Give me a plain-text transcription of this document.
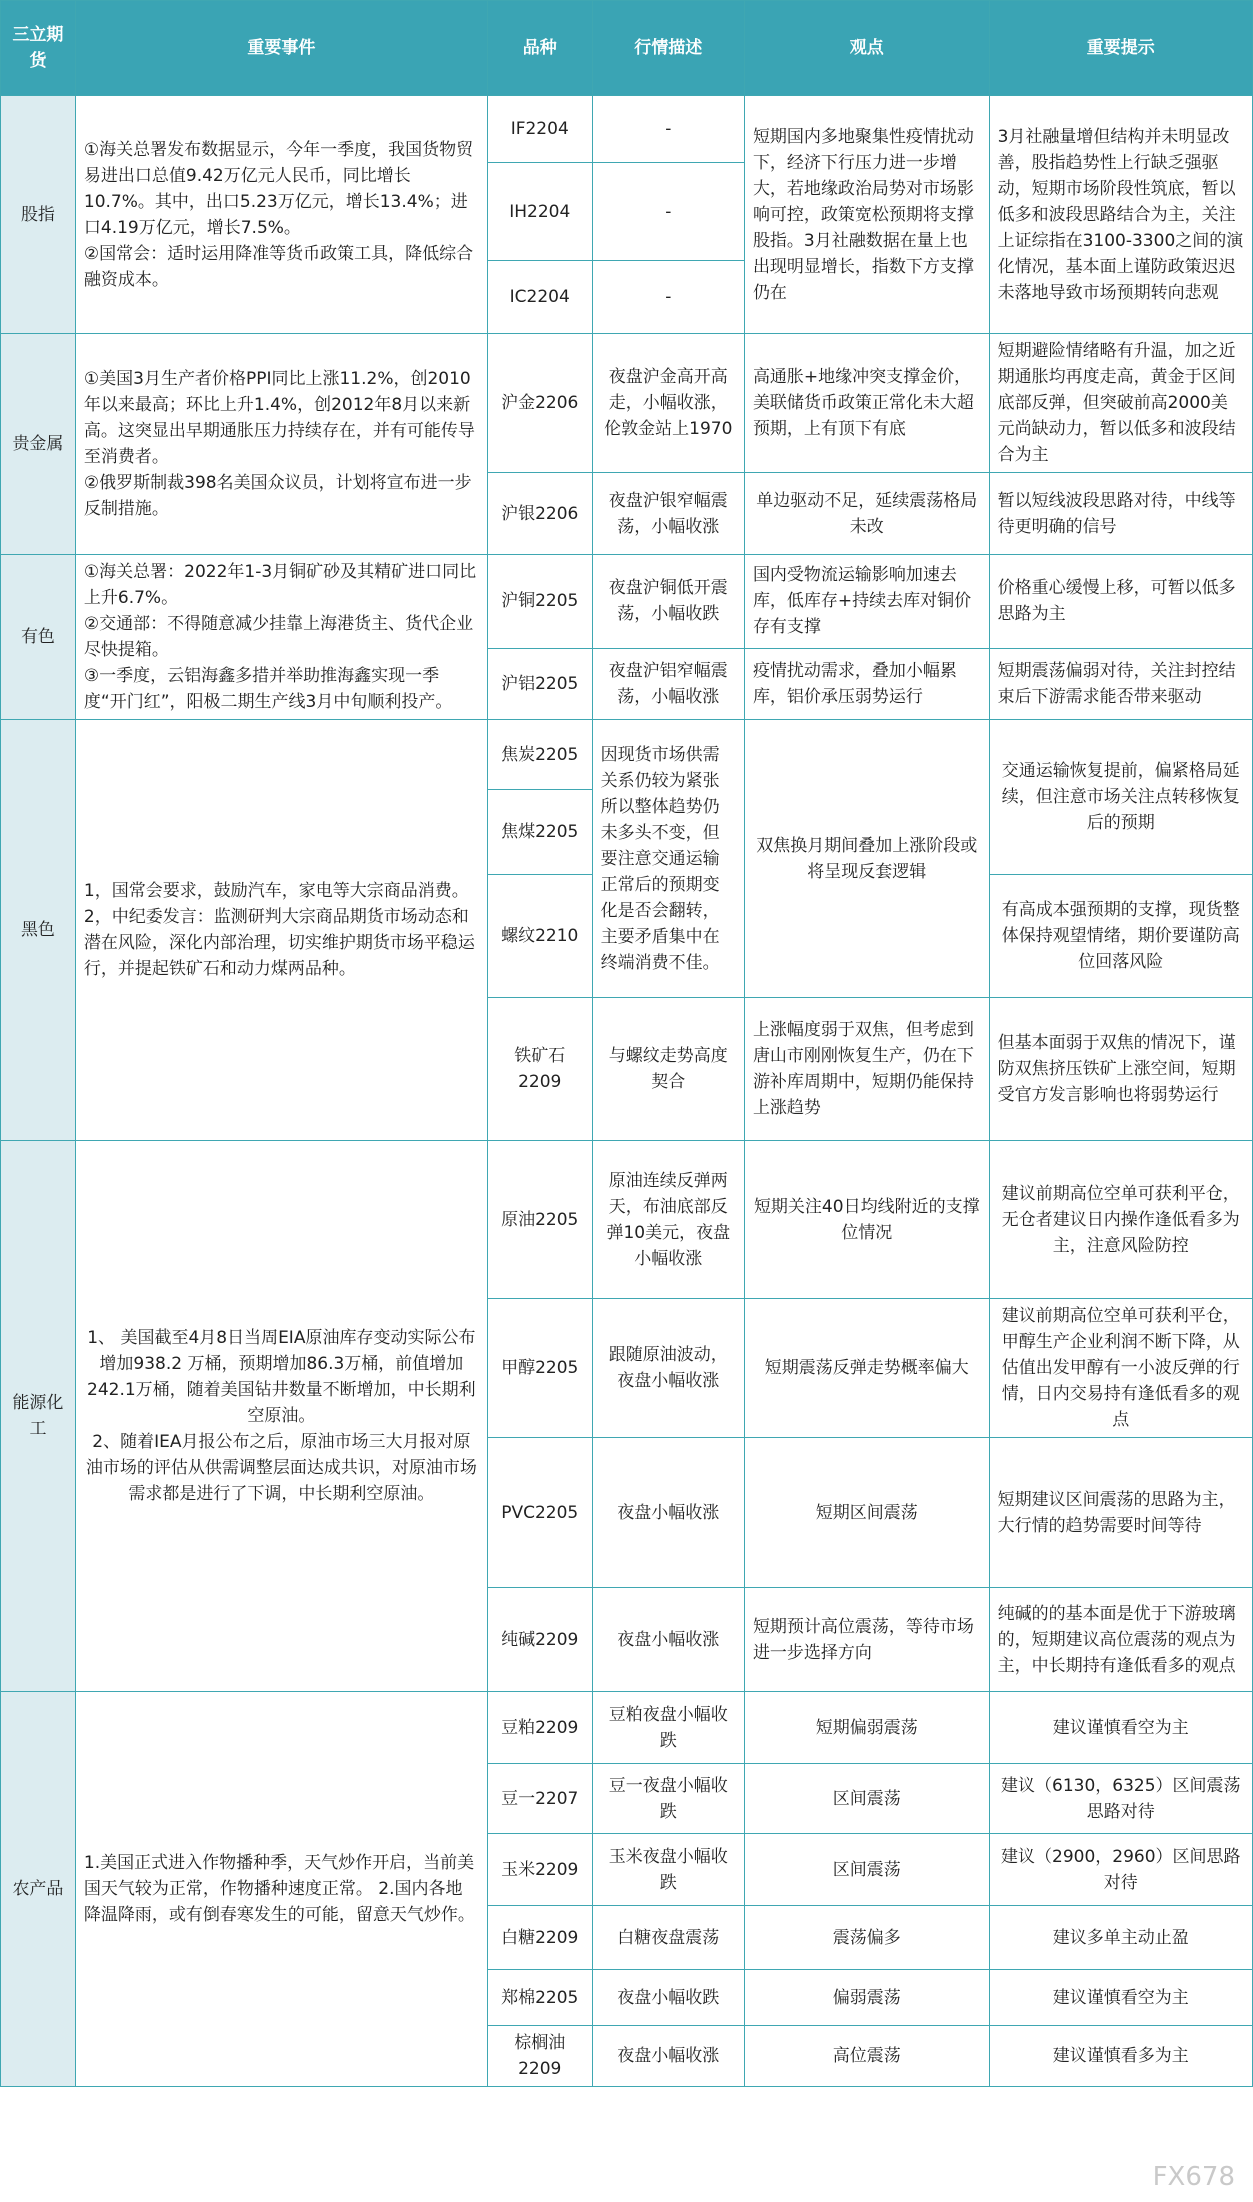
三立期货	重要事件	品种	行情描述	观点	重要提示
股指	①海关总署发布数据显示，今年一季度，我国货物贸易进出口总值9.42万亿元人民币，同比增长10.7%。其中，出口5.23万亿元，增长13.4%；进口4.19万亿元，增长7.5%。
②国常会：适时运用降准等货币政策工具，降低综合融资成本。	IF2204	-	短期国内多地聚集性疫情扰动下，经济下行压力进一步增大，若地缘政治局势对市场影响可控，政策宽松预期将支撑股指。3月社融数据在量上也出现明显增长，指数下方支撑仍在	3月社融量增但结构并未明显改善，股指趋势性上行缺乏强驱动，短期市场阶段性筑底，暂以低多和波段思路结合为主，关注上证综指在3100-3300之间的演化情况，基本面上谨防政策迟迟未落地导致市场预期转向悲观
		IH2204	-		
		IC2204	-		
贵金属	①美国3月生产者价格PPI同比上涨11.2%，创2010年以来最高；环比上升1.4%，创2012年8月以来新高。这突显出早期通胀压力持续存在，并有可能传导至消费者。
②俄罗斯制裁398名美国众议员，计划将宣布进一步反制措施。	沪金2206	夜盘沪金高开高走，小幅收涨，伦敦金站上1970	高通胀+地缘冲突支撑金价，美联储货币政策正常化未大超预期，上有顶下有底	短期避险情绪略有升温，加之近期通胀均再度走高，黄金于区间底部反弹，但突破前高2000美元尚缺动力，暂以低多和波段结合为主
		沪银2206	夜盘沪银窄幅震荡，小幅收涨	单边驱动不足，延续震荡格局未改	暂以短线波段思路对待，中线等待更明确的信号
有色	①海关总署：2022年1-3月铜矿砂及其精矿进口同比上升6.7%。
②交通部：不得随意减少挂靠上海港货主、货代企业尽快提箱。
③一季度，云铝海鑫多措并举助推海鑫实现一季度“开门红”，阳极二期生产线3月中旬顺利投产。	沪铜2205	夜盘沪铜低开震荡，小幅收跌	国内受物流运输影响加速去库，低库存+持续去库对铜价存有支撑	价格重心缓慢上移，可暂以低多思路为主
		沪铝2205	夜盘沪铝窄幅震荡，小幅收涨	疫情扰动需求，叠加小幅累库，铝价承压弱势运行	短期震荡偏弱对待，关注封控结束后下游需求能否带来驱动
黑色	1，国常会要求，鼓励汽车，家电等大宗商品消费。 2，中纪委发言：监测研判大宗商品期货市场动态和潜在风险，深化内部治理，切实维护期货市场平稳运行，并提起铁矿石和动力煤两品种。	焦炭2205	因现货市场供需关系仍较为紧张所以整体趋势仍未多头不变，但要注意交通运输正常后的预期变化是否会翻转，主要矛盾集中在终端消费不佳。	双焦换月期间叠加上涨阶段或将呈现反套逻辑	交通运输恢复提前，偏紧格局延续，但注意市场关注点转移恢复后的预期
		焦煤2205			
		螺纹2210			有高成本强预期的支撑，现货整体保持观望情绪，期价要谨防高位回落风险
		铁矿石2209	与螺纹走势高度契合	上涨幅度弱于双焦，但考虑到唐山市刚刚恢复生产，仍在下游补库周期中，短期仍能保持上涨趋势	但基本面弱于双焦的情况下，谨防双焦挤压铁矿上涨空间，短期受官方发言影响也将弱势运行
能源化工	1、 美国截至4月8日当周EIA原油库存变动实际公布增加938.2 万桶，预期增加86.3万桶，前值增加242.1万桶，随着美国钻井数量不断增加，中长期利空原油。
2、随着IEA月报公布之后，原油市场三大月报对原油市场的评估从供需调整层面达成共识，对原油市场需求都是进行了下调，中长期利空原油。	原油2205	原油连续反弹两天，布油底部反弹10美元，夜盘小幅收涨	短期关注40日均线附近的支撑位情况	建议前期高位空单可获利平仓，无仓者建议日内操作逢低看多为主，注意风险防控
		甲醇2205	跟随原油波动，夜盘小幅收涨	短期震荡反弹走势概率偏大	建议前期高位空单可获利平仓，甲醇生产企业利润不断下降，从估值出发甲醇有一小波反弹的行情，日内交易持有逢低看多的观点
		PVC2205	夜盘小幅收涨	短期区间震荡	短期建议区间震荡的思路为主，大行情的趋势需要时间等待
		纯碱2209	夜盘小幅收涨	短期预计高位震荡，等待市场进一步选择方向	纯碱的的基本面是优于下游玻璃的，短期建议高位震荡的观点为主，中长期持有逢低看多的观点
农产品	1.美国正式进入作物播种季，天气炒作开启，当前美国天气较为正常，作物播种速度正常。 2.国内各地降温降雨，或有倒春寒发生的可能，留意天气炒作。	豆粕2209	豆粕夜盘小幅收跌	短期偏弱震荡	建议谨慎看空为主
		豆一2207	豆一夜盘小幅收跌	区间震荡	建议（6130，6325）区间震荡思路对待
		玉米2209	玉米夜盘小幅收跌	区间震荡	建议（2900，2960）区间思路对待
		白糖2209	白糖夜盘震荡	震荡偏多	建议多单主动止盈
		郑棉2205	夜盘小幅收跌	偏弱震荡	建议谨慎看空为主
		棕榈油2209	夜盘小幅收涨	高位震荡	建议谨慎看多为主
FX678
